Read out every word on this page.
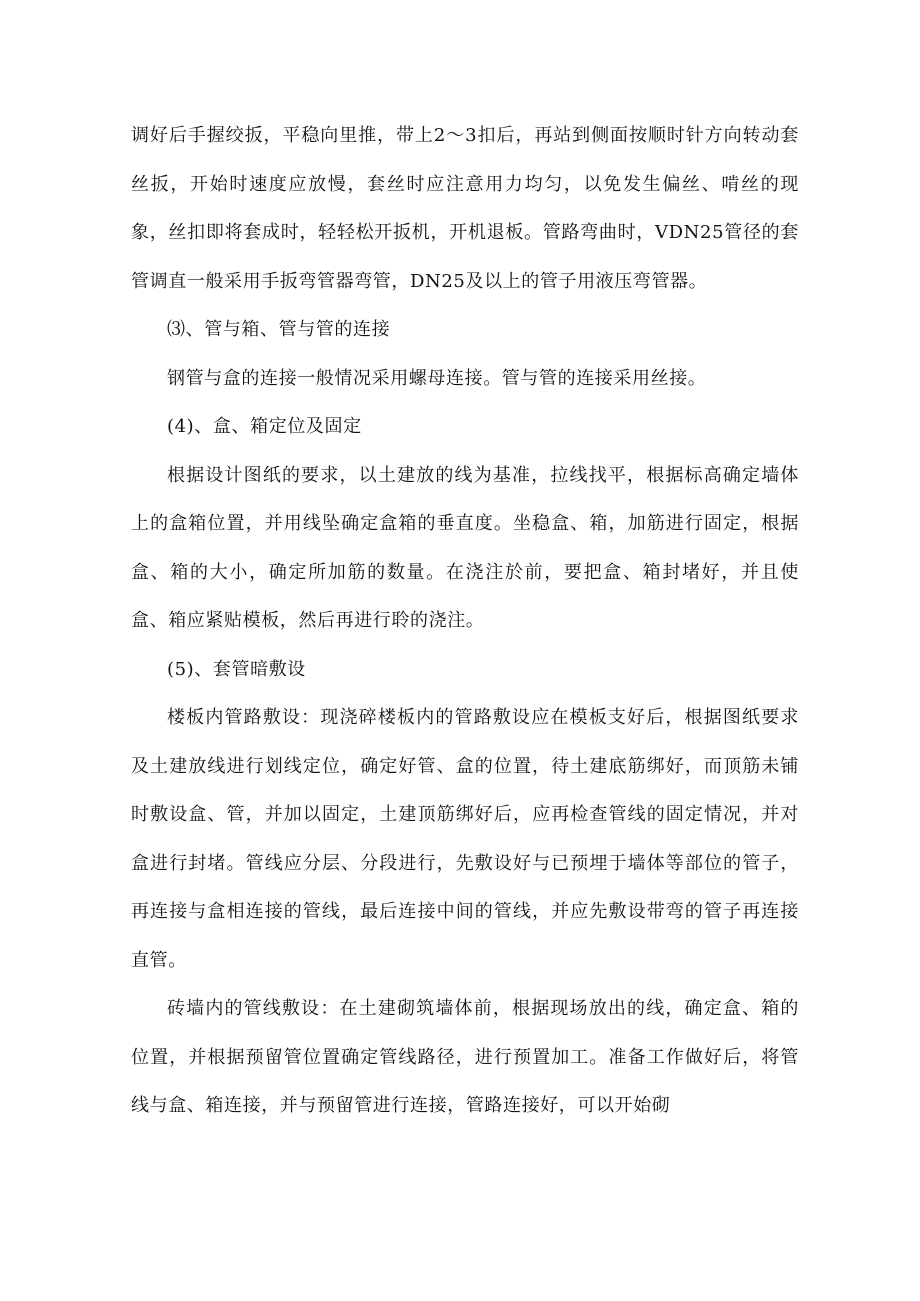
调好后手握绞扳，平稳向里推，带上2～3扣后，再站到侧面按顺时针方向转动套丝扳，开始时速度应放慢，套丝时应注意用力均匀，以免发生偏丝、啃丝的现象，丝扣即将套成时，轻轻松开扳机，开机退板。管路弯曲时，VDN25管径的套管调直一般采用手扳弯管器弯管，DN25及以上的管子用液压弯管器。

⑶、管与箱、管与管的连接

钢管与盒的连接一般情况采用螺母连接。管与管的连接采用丝接。

(4)、盒、箱定位及固定

根据设计图纸的要求，以土建放的线为基准，拉线找平，根据标高确定墙体上的盒箱位置，并用线坠确定盒箱的垂直度。坐稳盒、箱，加筋进行固定，根据盒、箱的大小，确定所加筋的数量。在浇注於前，要把盒、箱封堵好，并且使盒、箱应紧贴模板，然后再进行聆的浇注。

(5)、套管暗敷设

楼板内管路敷设：现浇碎楼板内的管路敷设应在模板支好后，根据图纸要求及土建放线进行划线定位，确定好管、盒的位置，待土建底筋绑好，而顶筋未铺时敷设盒、管，并加以固定，土建顶筋绑好后，应再检查管线的固定情况，并对盒进行封堵。管线应分层、分段进行，先敷设好与已预埋于墙体等部位的管子，再连接与盒相连接的管线，最后连接中间的管线，并应先敷设带弯的管子再连接直管。

砖墙内的管线敷设：在土建砌筑墙体前，根据现场放出的线，确定盒、箱的位置，并根据预留管位置确定管线路径，进行预置加工。准备工作做好后，将管线与盒、箱连接，并与预留管进行连接，管路连接好，可以开始砌
